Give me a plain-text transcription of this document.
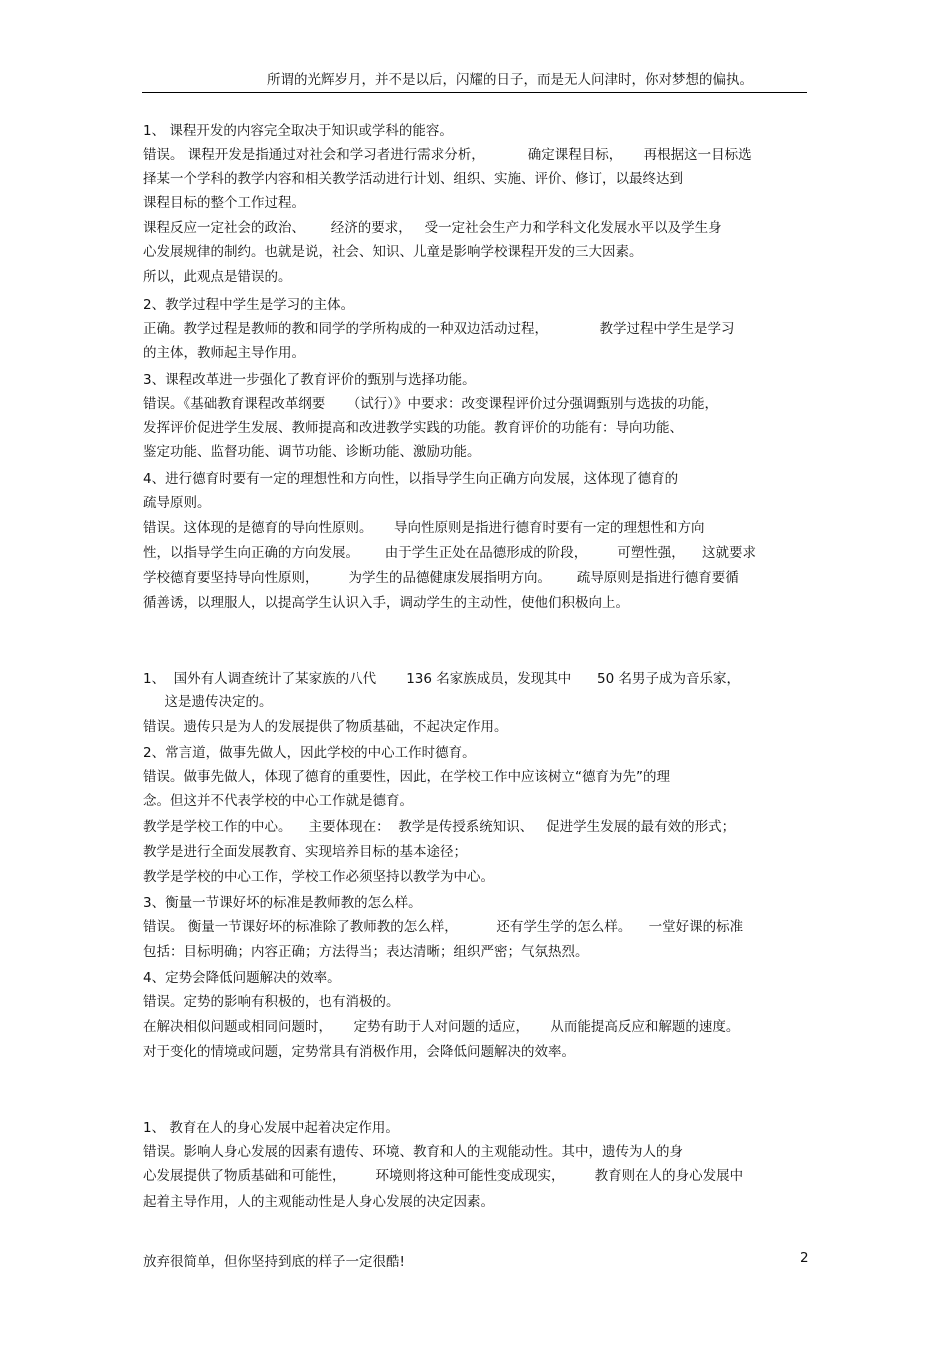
所谓的光辉岁月，并不是以后，闪耀的日子，而是无人问津时，你对梦想的偏执。
1、 课程开发的内容完全取决于知识或学科的能容。
错误。 课程开发是指通过对社会和学习者进行需求分析，          确定课程目标，     再根据这一目标选
择某一个学科的教学内容和相关教学活动进行计划、组织、实施、评价、修订，以最终达到
课程目标的整个工作过程。
课程反应一定社会的政治、      经济的要求，   受一定社会生产力和学科文化发展水平以及学生身
心发展规律的制约。也就是说，社会、知识、儿童是影响学校课程开发的三大因素。
所以，此观点是错误的。
2、教学过程中学生是学习的主体。
正确。教学过程是教师的教和同学的学所构成的一种双边活动过程，            教学过程中学生是学习
的主体，教师起主导作用。
3、课程改革进一步强化了教育评价的甄别与选择功能。
错误。《基础教育课程改革纲要     （试行）》中要求：改变课程评价过分强调甄别与选拔的功能，
发挥评价促进学生发展、教师提高和改进教学实践的功能。教育评价的功能有：导向功能、
鉴定功能、监督功能、调节功能、诊断功能、激励功能。
4、进行德育时要有一定的理想性和方向性，以指导学生向正确方向发展，这体现了德育的
疏导原则。
错误。这体现的是德育的导向性原则。     导向性原则是指进行德育时要有一定的理想性和方向
性，以指导学生向正确的方向发展。      由于学生正处在品德形成的阶段，       可塑性强，    这就要求
学校德育要坚持导向性原则，       为学生的品德健康发展指明方向。      疏导原则是指进行德育要循
循善诱，以理服人，以提高学生认识入手，调动学生的主动性，使他们积极向上。
1、  国外有人调查统计了某家族的八代       136 名家族成员，发现其中      50 名男子成为音乐家，
这是遗传决定的。
错误。遗传只是为人的发展提供了物质基础，不起决定作用。
2、常言道，做事先做人，因此学校的中心工作时德育。
错误。做事先做人，体现了德育的重要性，因此，在学校工作中应该树立“德育为先”的理
念。但这并不代表学校的中心工作就是德育。
教学是学校工作的中心。    主要体现在：  教学是传授系统知识、   促进学生发展的最有效的形式；
教学是进行全面发展教育、实现培养目标的基本途径；
教学是学校的中心工作，学校工作必须坚持以教学为中心。
3、衡量一节课好坏的标准是教师教的怎么样。
错误。 衡量一节课好坏的标准除了教师教的怎么样，         还有学生学的怎么样。    一堂好课的标准
包括：目标明确；内容正确；方法得当；表达清晰；组织严密；气氛热烈。
4、定势会降低问题解决的效率。
错误。定势的影响有积极的，也有消极的。
在解决相似问题或相同问题时，     定势有助于人对问题的适应，     从而能提高反应和解题的速度。
对于变化的情境或问题，定势常具有消极作用，会降低问题解决的效率。
1、 教育在人的身心发展中起着决定作用。
错误。影响人身心发展的因素有遗传、环境、教育和人的主观能动性。其中，遗传为人的身
心发展提供了物质基础和可能性，       环境则将这种可能性变成现实，       教育则在人的身心发展中
起着主导作用，人的主观能动性是人身心发展的决定因素。
放弃很简单，但你坚持到底的样子一定很酷!	2
